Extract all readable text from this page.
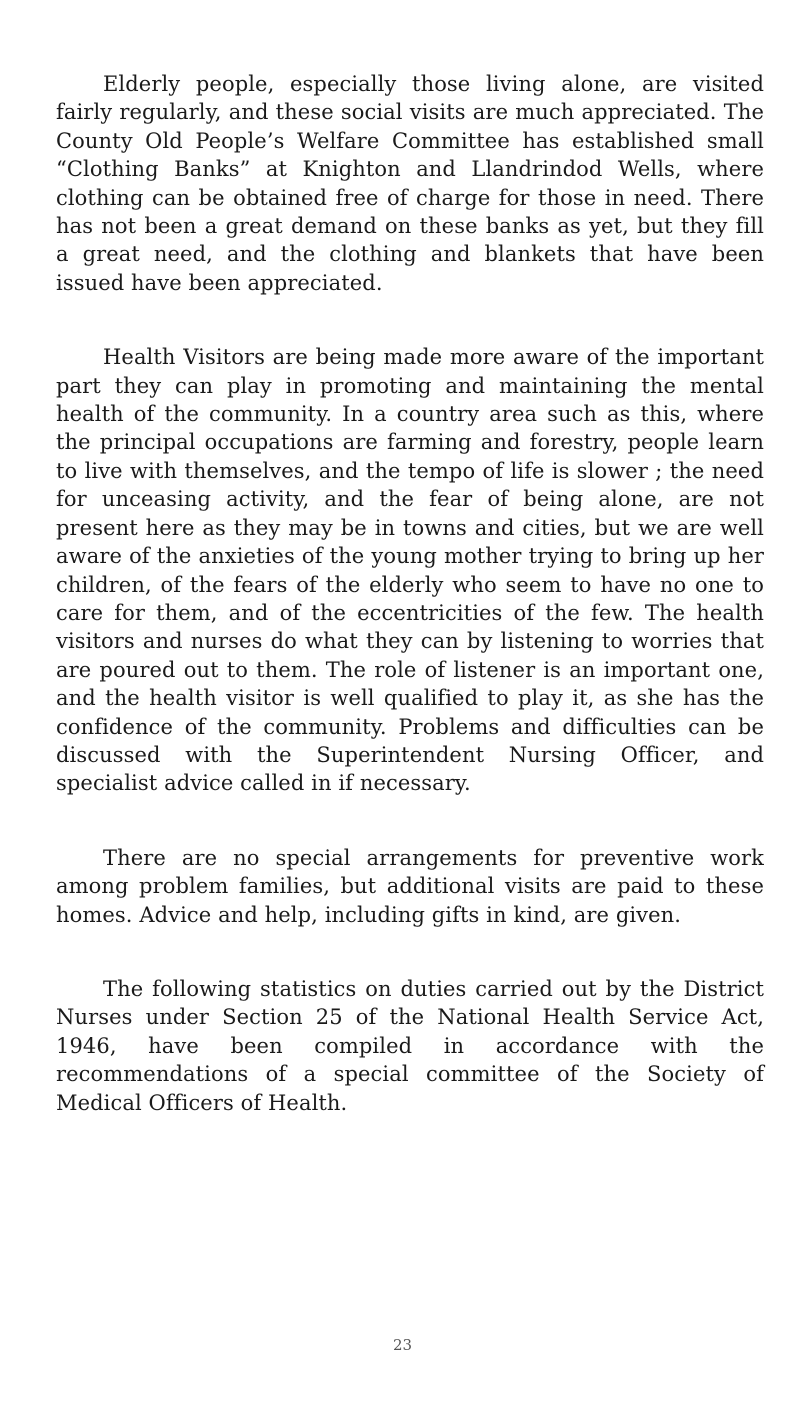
Elderly people, especially those living alone, are visited fairly regularly, and these social visits are much appreciated. The County Old People’s Welfare Committee has established small “Clothing Banks” at Knighton and Llandrindod Wells, where clothing can be obtained free of charge for those in need. There has not been a great demand on these banks as yet, but they fill a great need, and the clothing and blankets that have been issued have been appreciated.

Health Visitors are being made more aware of the important part they can play in promoting and maintaining the mental health of the community. In a country area such as this, where the principal occupations are farming and forestry, people learn to live with themselves, and the tempo of life is slower ; the need for unceasing activity, and the fear of being alone, are not present here as they may be in towns and cities, but we are well aware of the anxieties of the young mother trying to bring up her children, of the fears of the elderly who seem to have no one to care for them, and of the eccentricities of the few. The health visitors and nurses do what they can by listening to worries that are poured out to them. The role of listener is an important one, and the health visitor is well qualified to play it, as she has the confidence of the community. Problems and difficulties can be discussed with the Superintendent Nursing Officer, and specialist advice called in if necessary.

There are no special arrangements for preventive work among problem families, but additional visits are paid to these homes. Advice and help, including gifts in kind, are given.

The following statistics on duties carried out by the District Nurses under Section 25 of the National Health Service Act, 1946, have been compiled in accordance with the recommendations of a special committee of the Society of Medical Officers of Health.

23
